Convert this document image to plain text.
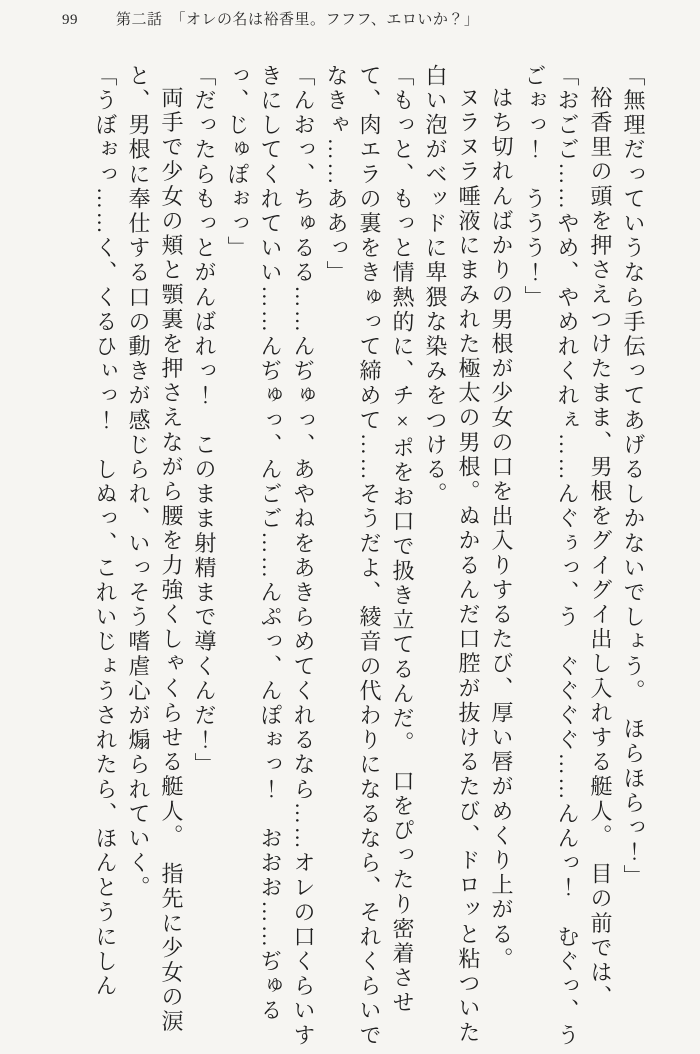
99	第二話 「オレの名は裕香里。フフフ、エロいか？」

「無理だっていうなら手伝ってあげるしかないでしょう。　ほらほらっ！」

裕香里の頭を押さえつけたまま、男根をグイグイ出し入れする艇人。　目の前では、

「おごご……やめ、やめれくれぇ……んぐぅっ、う　ぐぐぐぐ……んんっ！　むぐっ、うごぉっ！　ううう！」

はち切れんばかりの男根が少女の口を出入りするたび、厚い唇がめくり上がる。

ヌラヌラ唾液にまみれた極太の男根。ぬかるんだ口腔が抜けるたび、ドロッと粘ついた白い泡がベッドに卑猥な染みをつける。

「もっと、もっと情熱的に、チ×ポをお口で扱き立てるんだ。　口をぴったり密着させて、肉エラの裏をきゅって締めて……そうだよ、綾音の代わりになるなら、それくらいでなきゃ……ああっ」

「んおっ、ちゅるる……んぢゅっ、あやねをあきらめてくれるなら……オレの口くらいすきにしてくれていい……んぢゅっ、んごご……んぷっ、んぽぉっ！　おおお……ぢゅるっ、じゅぽぉっ」

「だったらもっとがんばれっ！　このまま射精まで導くんだ！」

両手で少女の頬と顎裏を押さえながら腰を力強くしゃくらせる艇人。　指先に少女の涙と、男根に奉仕する口の動きが感じられ、いっそう嗜虐心が煽られていく。

「うぼぉっ……く、くるひぃっ！　しぬっ、これいじょうされたら、ほんとうにしん
